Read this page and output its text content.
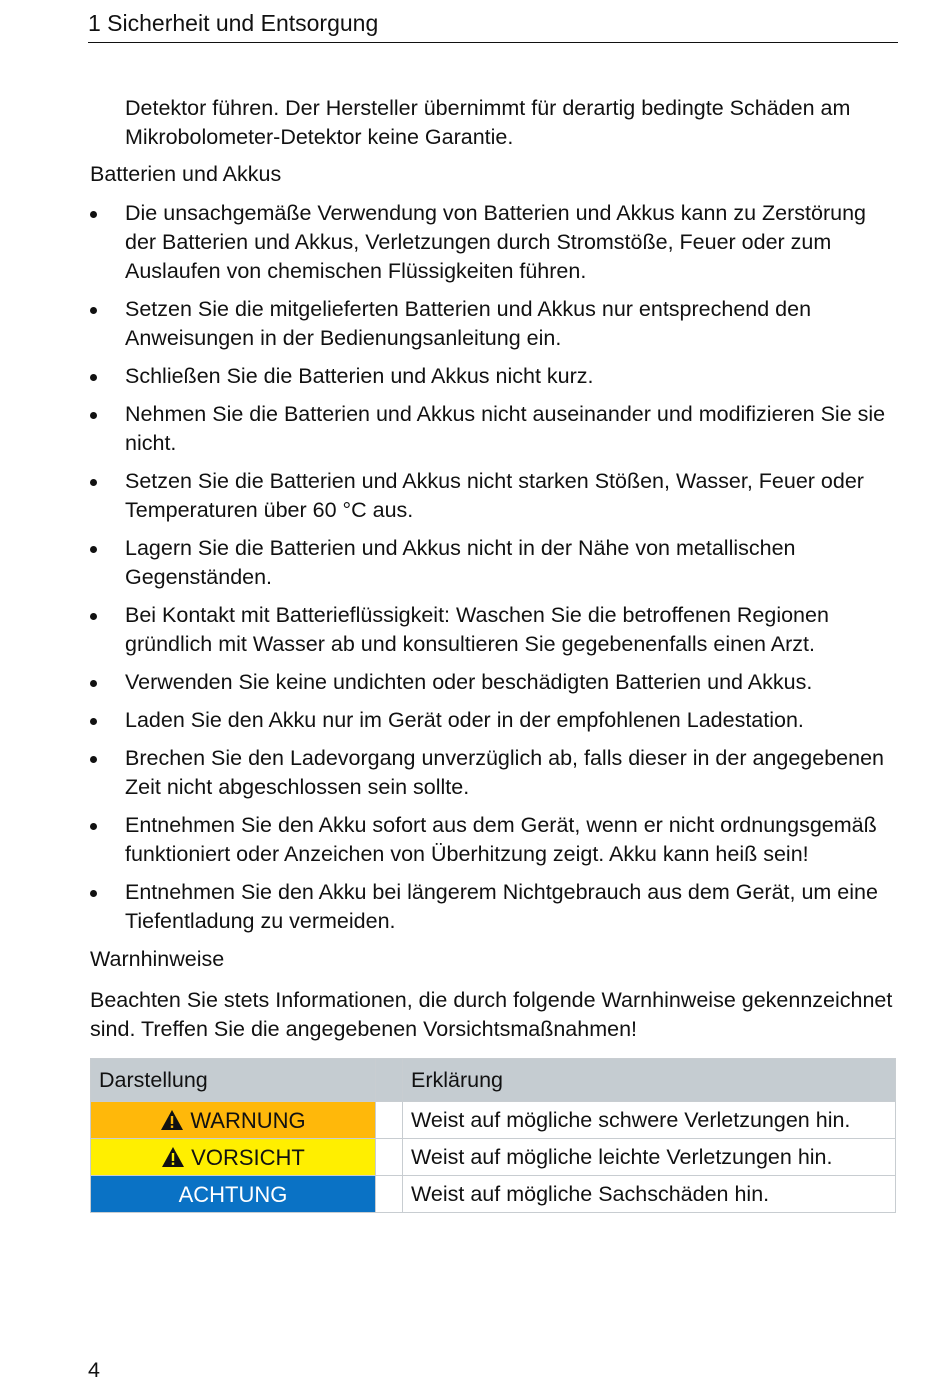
1 Sicherheit und Entsorgung

Detektor führen. Der Hersteller übernimmt für derartig bedingte Schäden am Mikrobolometer-Detektor keine Garantie.

Batterien und Akkus
Die unsachgemäße Verwendung von Batterien und Akkus kann zu Zerstörung der Batterien und Akkus, Verletzungen durch Stromstöße, Feuer oder zum Auslaufen von chemischen Flüssigkeiten führen.
Setzen Sie die mitgelieferten Batterien und Akkus nur entsprechend den Anweisungen in der Bedienungsanleitung ein.
Schließen Sie die Batterien und Akkus nicht kurz.
Nehmen Sie die Batterien und Akkus nicht auseinander und modifizieren Sie sie nicht.
Setzen Sie die Batterien und Akkus nicht starken Stößen, Wasser, Feuer oder Temperaturen über 60 °C aus.
Lagern Sie die Batterien und Akkus nicht in der Nähe von metallischen Gegenständen.
Bei Kontakt mit Batterieflüssigkeit: Waschen Sie die betroffenen Regionen gründlich mit Wasser ab und konsultieren Sie gegebenenfalls einen Arzt.
Verwenden Sie keine undichten oder beschädigten Batterien und Akkus.
Laden Sie den Akku nur im Gerät oder in der empfohlenen Ladestation.
Brechen Sie den Ladevorgang unverzüglich ab, falls dieser in der angegebenen Zeit nicht abgeschlossen sein sollte.
Entnehmen Sie den Akku sofort aus dem Gerät, wenn er nicht ordnungsgemäß funktioniert oder Anzeichen von Überhitzung zeigt. Akku kann heiß sein!
Entnehmen Sie den Akku bei längerem Nichtgebrauch aus dem Gerät, um eine Tiefentladung zu vermeiden.
Warnhinweise

Beachten Sie stets Informationen, die durch folgende Warnhinweise gekennzeichnet sind. Treffen Sie die angegebenen Vorsichtsmaßnahmen!

Darstellung		Erklärung
WARNUNG		Weist auf mögliche schwere Verletzungen hin.
VORSICHT		Weist auf mögliche leichte Verletzungen hin.
ACHTUNG		Weist auf mögliche Sachschäden hin.
4
